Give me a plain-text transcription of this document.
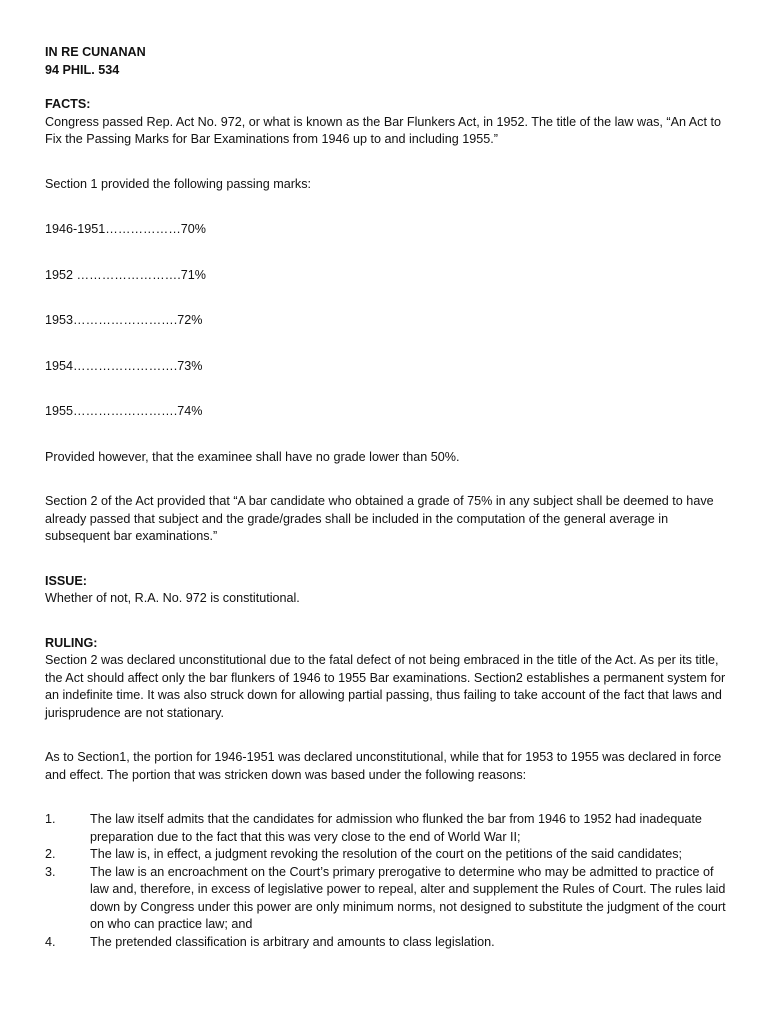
IN RE CUNANAN

94 PHIL. 534

FACTS:

Congress passed Rep. Act No. 972, or what is known as the Bar Flunkers Act, in 1952. The title of the law was, “An Act to Fix the Passing Marks for Bar Examinations from 1946 up to and including 1955.”

Section 1 provided the following passing marks:

1946-1951………………70%

1952 …………………….71%

1953…………………….72%

1954…………………….73%

1955…………………….74%

Provided however, that the examinee shall have no grade lower than 50%.

Section 2 of the Act provided that “A bar candidate who obtained a grade of 75% in any subject shall be deemed to have already passed that subject and the grade/grades shall be included in the computation of the general average in subsequent bar examinations.”

ISSUE:

Whether of not, R.A. No. 972 is constitutional.

RULING:

Section 2 was declared unconstitutional due to the fatal defect of not being embraced in the title of the Act. As per its title, the Act should affect only the bar flunkers of 1946 to 1955 Bar examinations. Section2 establishes a permanent system for an indefinite time. It was also struck down for allowing partial passing, thus failing to take account of the fact that laws and jurisprudence are not stationary.

As to Section1, the portion for 1946-1951 was declared unconstitutional, while that for 1953 to 1955 was declared in force and effect. The portion that was stricken down was based under the following reasons:

1.	The law itself admits that the candidates for admission who flunked the bar from 1946 to 1952 had inadequate preparation due to the fact that this was very close to the end of World War II;
2.	The law is, in effect, a judgment revoking the resolution of the court on the petitions of the said candidates;
3.	The law is an encroachment on the Court’s primary prerogative to determine who may be admitted to practice of law and, therefore, in excess of legislative power to repeal, alter and supplement the Rules of Court. The rules laid down by Congress under this power are only minimum norms, not designed to substitute the judgment of the court on who can practice law; and
4.	The pretended classification is arbitrary and amounts to class legislation.
